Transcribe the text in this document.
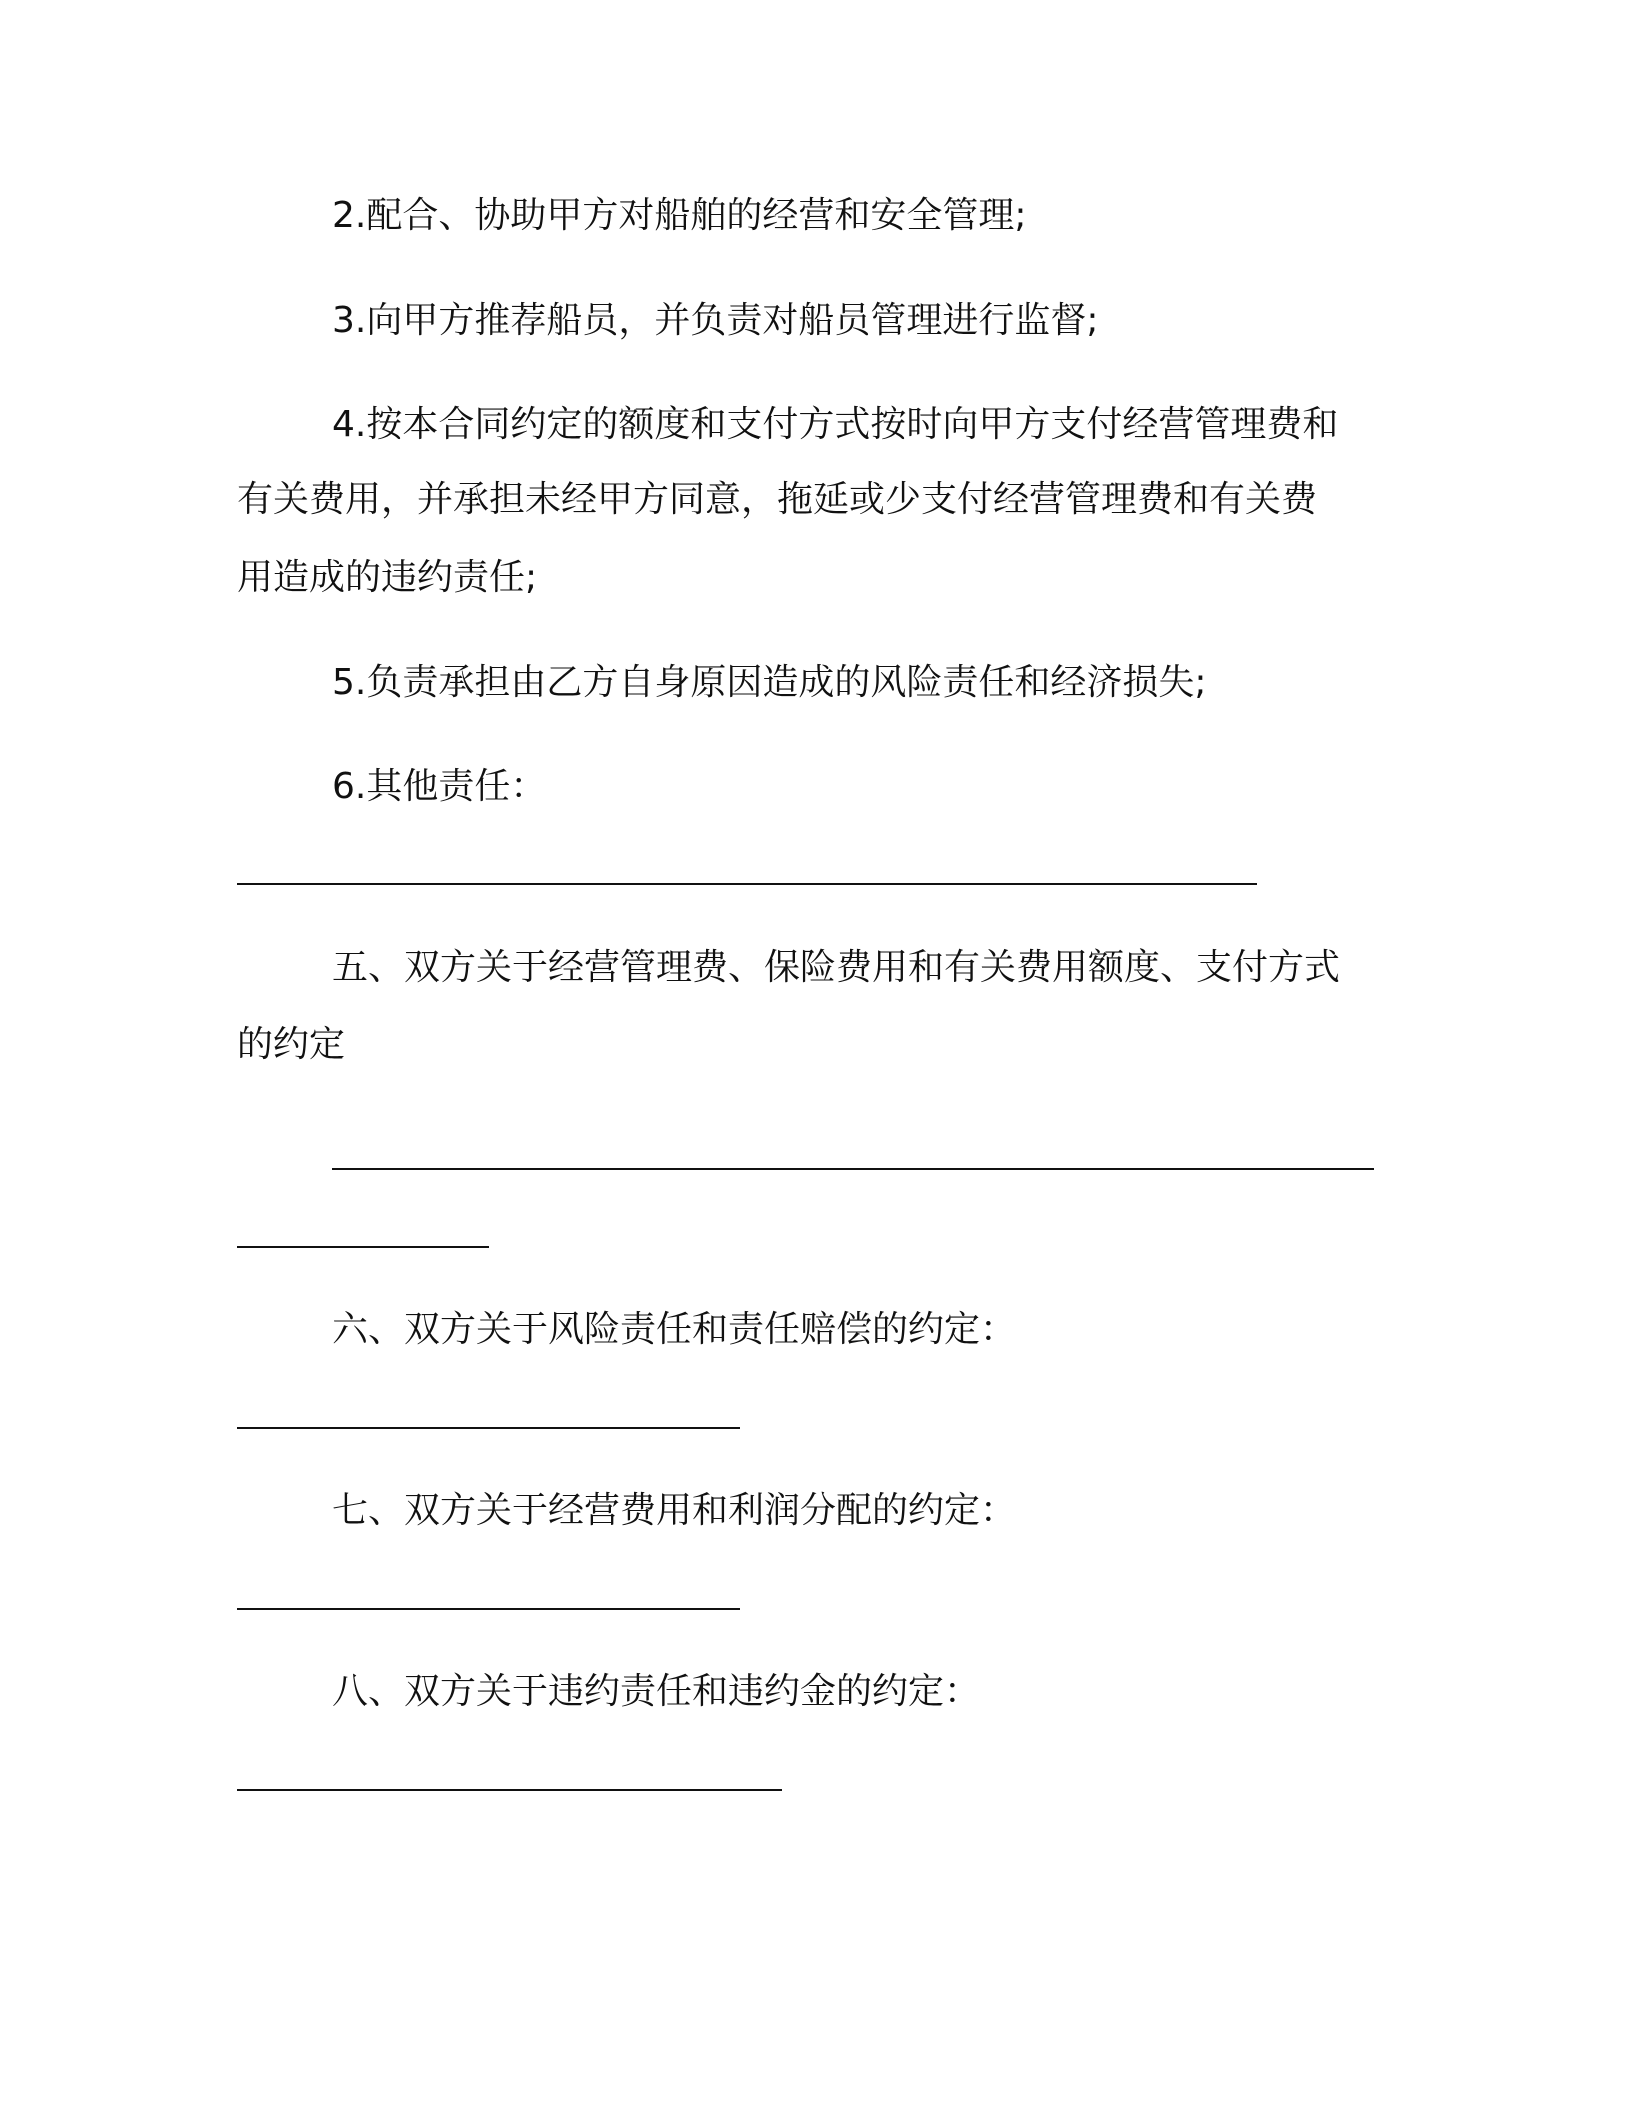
2.配合、协助甲方对船舶的经营和安全管理;

3.向甲方推荐船员，并负责对船员管理进行监督;

4.按本合同约定的额度和支付方式按时向甲方支付经营管理费和

有关费用，并承担未经甲方同意，拖延或少支付经营管理费和有关费

用造成的违约责任;

5.负责承担由乙方自身原因造成的风险责任和经济损失;

6.其他责任：

五、双方关于经营管理费、保险费用和有关费用额度、支付方式

的约定

六、双方关于风险责任和责任赔偿的约定：

七、双方关于经营费用和利润分配的约定：

八、双方关于违约责任和违约金的约定：
